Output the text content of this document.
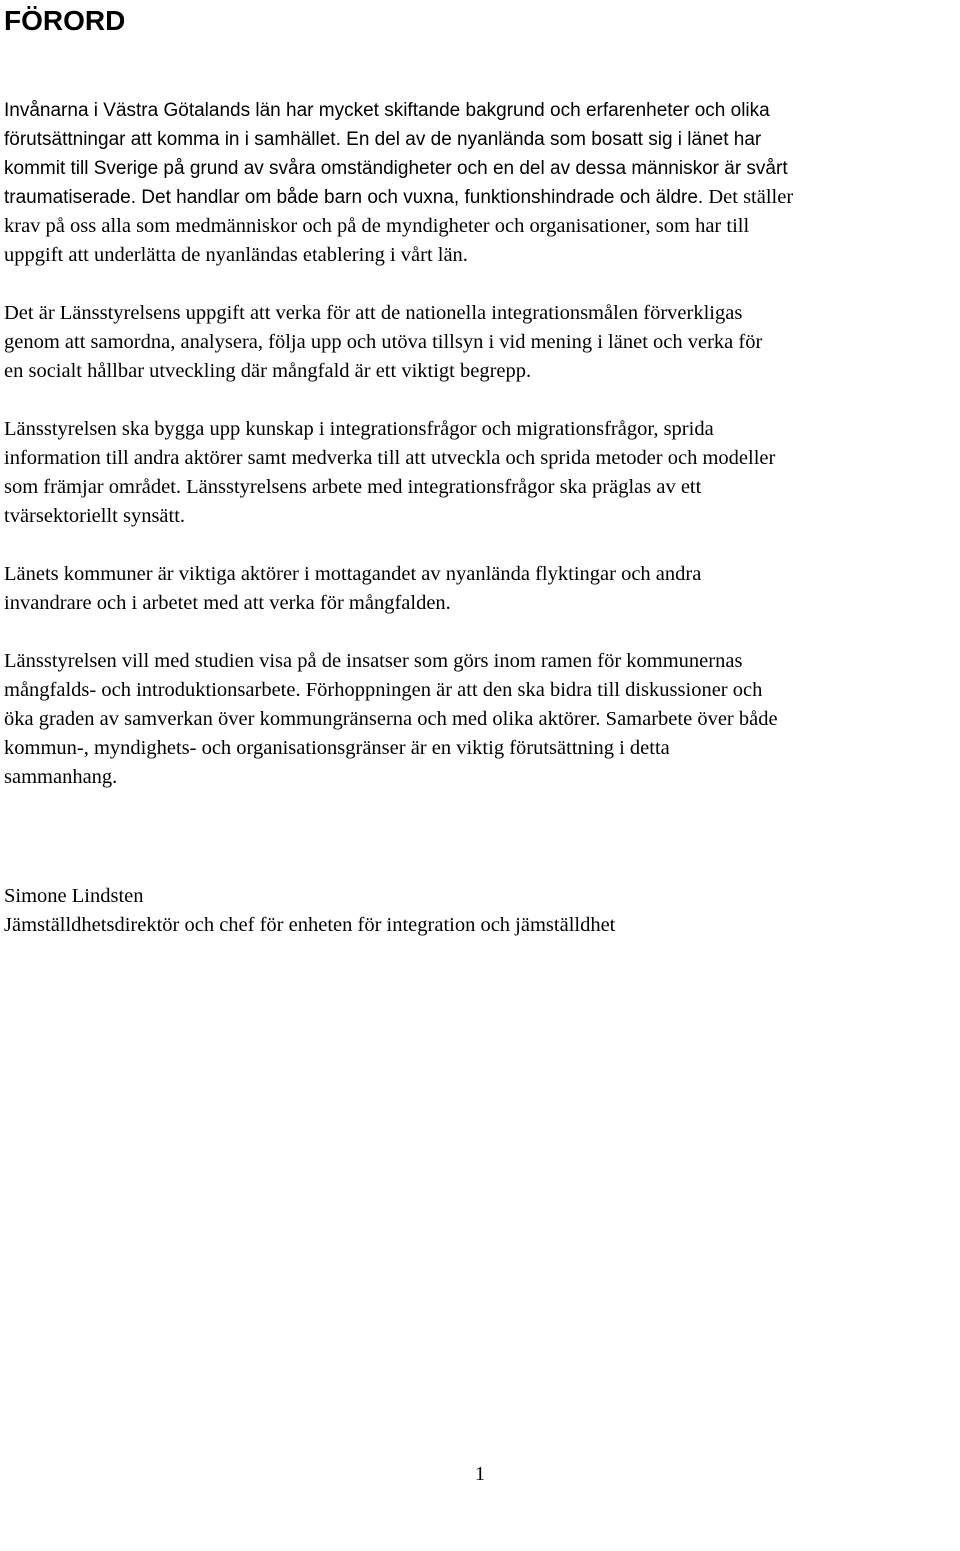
FÖRORD

Invånarna i Västra Götalands län har mycket skiftande bakgrund och erfarenheter och olika
förutsättningar att komma in i samhället. En del av de nyanlända som bosatt sig i länet har
kommit till Sverige på grund av svåra omständigheter och en del av dessa människor är svårt
traumatiserade. Det handlar om både barn och vuxna, funktionshindrade och äldre. Det ställer
krav på oss alla som medmänniskor och på de myndigheter och organisationer, som har till
uppgift att underlätta de nyanländas etablering i vårt län.

Det är Länsstyrelsens uppgift att verka för att de nationella integrationsmålen förverkligas
genom att samordna, analysera, följa upp och utöva tillsyn i vid mening i länet och verka för
en socialt hållbar utveckling där mångfald är ett viktigt begrepp.

Länsstyrelsen ska bygga upp kunskap i integrationsfrågor och migrationsfrågor, sprida
information till andra aktörer samt medverka till att utveckla och sprida metoder och modeller
som främjar området. Länsstyrelsens arbete med integrationsfrågor ska präglas av ett
tvärsektoriellt synsätt.

Länets kommuner är viktiga aktörer i mottagandet av nyanlända flyktingar och andra
invandrare och i arbetet med att verka för mångfalden.

Länsstyrelsen vill med studien visa på de insatser som görs inom ramen för kommunernas
mångfalds- och introduktionsarbete. Förhoppningen är att den ska bidra till diskussioner och
öka graden av samverkan över kommungränserna och med olika aktörer. Samarbete över både
kommun-, myndighets- och organisationsgränser är en viktig förutsättning i detta
sammanhang.

Simone Lindsten
Jämställdhetsdirektör och chef för enheten för integration och jämställdhet
1
